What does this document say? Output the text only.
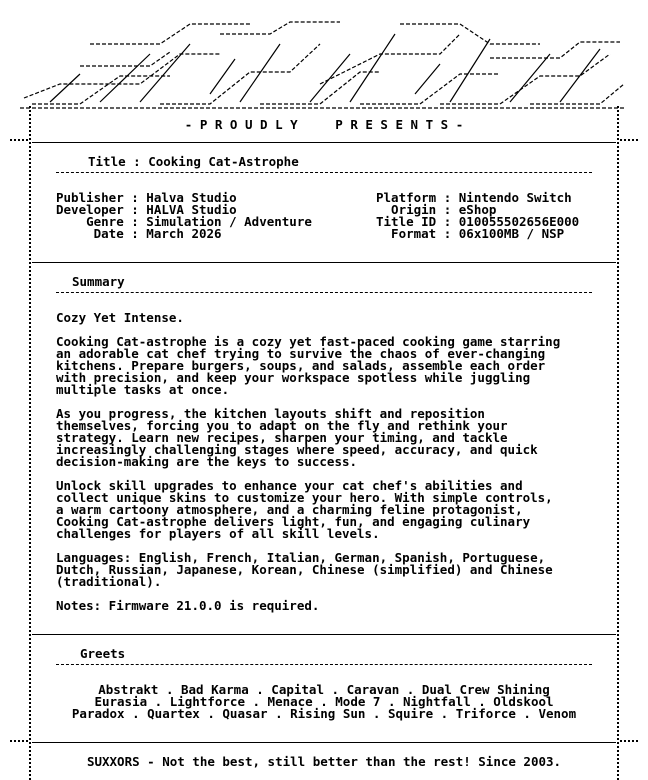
- P R O U D L Y     P R E S E N T S -
Title : Cooking Cat-Astrophe
Publisher : Halva Studio
Developer : HALVA Studio
Genre : Simulation / Adventure
Date : March 2026
Platform : Nintendo Switch
Origin : eShop
Title ID : 010055502656E000
Format : 06x100MB / NSP
Summary
Cozy Yet Intense.
Cooking Cat-astrophe is a cozy yet fast-paced cooking game starring
an adorable cat chef trying to survive the chaos of ever-changing
kitchens. Prepare burgers, soups, and salads, assemble each order
with precision, and keep your workspace spotless while juggling
multiple tasks at once.
As you progress, the kitchen layouts shift and reposition
themselves, forcing you to adapt on the fly and rethink your
strategy. Learn new recipes, sharpen your timing, and tackle
increasingly challenging stages where speed, accuracy, and quick
decision-making are the keys to success.
Unlock skill upgrades to enhance your cat chef's abilities and
collect unique skins to customize your hero. With simple controls,
a warm cartoony atmosphere, and a charming feline protagonist,
Cooking Cat-astrophe delivers light, fun, and engaging culinary
challenges for players of all skill levels.
Languages: English, French, Italian, German, Spanish, Portuguese,
Dutch, Russian, Japanese, Korean, Chinese (simplified) and Chinese
(traditional).
Notes: Firmware 21.0.0 is required.
Greets
Abstrakt . Bad Karma . Capital . Caravan . Dual Crew Shining
Eurasia . Lightforce . Menace . Mode 7 . Nightfall . Oldskool
Paradox . Quartex . Quasar . Rising Sun . Squire . Triforce . Venom
SUXXORS - Not the best, still better than the rest! Since 2003.
